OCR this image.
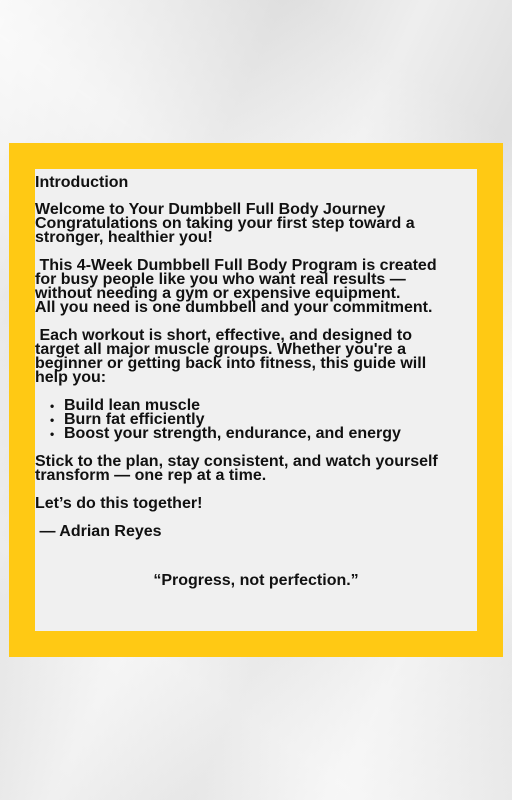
Introduction

Welcome to Your Dumbbell Full Body Journey

Congratulations on taking your first step toward a

stronger, healthier you!

This 4-Week Dumbbell Full Body Program is created

for busy people like you who want real results —

without needing a gym or expensive equipment.

All you need is one dumbbell and your commitment.

Each workout is short, effective, and designed to

target all major muscle groups. Whether you're a

beginner or getting back into fitness, this guide will

help you:

• Build lean muscle
• Burn fat efficiently
• Boost your strength, endurance, and energy

Stick to the plan, stay consistent, and watch yourself

transform — one rep at a time.

Let’s do this together!

— Adrian Reyes

“Progress, not perfection.”
